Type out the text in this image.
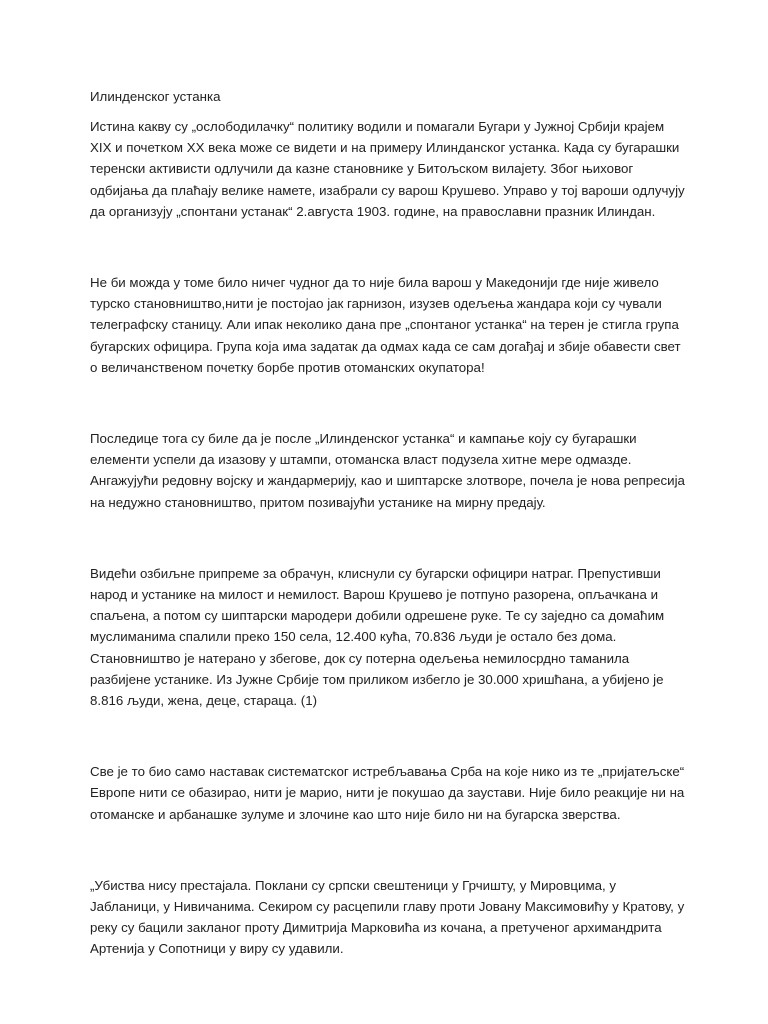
Илинденског устанка

Истина какву су „ослободилачку“ политику водили и помагали Бугари у Јужној Србији крајем XIX и почетком XX века може се видети и на примеру Илинданског устанка. Када су бугарашки теренски активисти одлучили да казне становнике у Битољском вилајету. Због њиховог одбијања да плаћају велике намете, изабрали су варош Крушево. Управо у тој вароши одлучују да организују „спонтани устанак“ 2.августа 1903. године, на православни празник Илиндан.

Не би можда у томе било ничег чудног да то није била варош у Македонији где није живело турско становништво,нити је постојао јак гарнизон, изузев одељења жандара који су чували телеграфску станицу. Али ипак неколико дана пре „спонтаног устанка“ на терен је стигла група бугарских официра. Група која има задатак да одмах када се сам догађај и збије обавести свет о величанственом почетку борбе против отоманских окупатора!

Последице тога су биле да је после „Илинденског устанка“ и кампање коју су бугарашки елементи успели да изазову у штампи, отоманска власт подузела хитне мере одмазде. Ангажујући редовну војску и жандармерију, као и шиптарске злотворе, почела је нова репресија на недужно становништво, притом позивајући устанике на мирну предају.

Видећи озбиљне припреме за обрачун, клиснули су бугарски официри натраг. Препустивши народ и устанике на милост и немилост. Варош Крушево је потпуно разорена, опљачкана и спаљена, а потом су шиптарски мародери добили одрешене руке. Те су заједно са домаћим муслиманима спалили преко 150 села, 12.400 кућа, 70.836 људи је остало без дома. Становништво је натерано у збегове, док су потерна одељења немилосрдно таманила разбијене устанике. Из Јужне Србије том приликом избегло је 30.000 хришћана, а убијено је 8.816 људи, жена, деце, стараца. (1)

Све је то био само наставак систематског истребљавања Срба на које нико из те „пријатељске“ Европе нити се обазирао, нити је марио, нити је покушао да заустави. Није било реакције ни на отоманске и арбанашке зулуме и злочине као што није било ни на бугарска зверства.

„Убиства нису престајала. Поклани су српски свештеници у Грчишту, у Мировцима, у Јабланици, у Нивичанима. Секиром су расцепили главу проти Јовану Максимовићу у Кратову, у реку су бацили закланог проту Димитрија Марковића из кочана, а претученог архимандрита Артенија у Сопотници у виру су удавили.
